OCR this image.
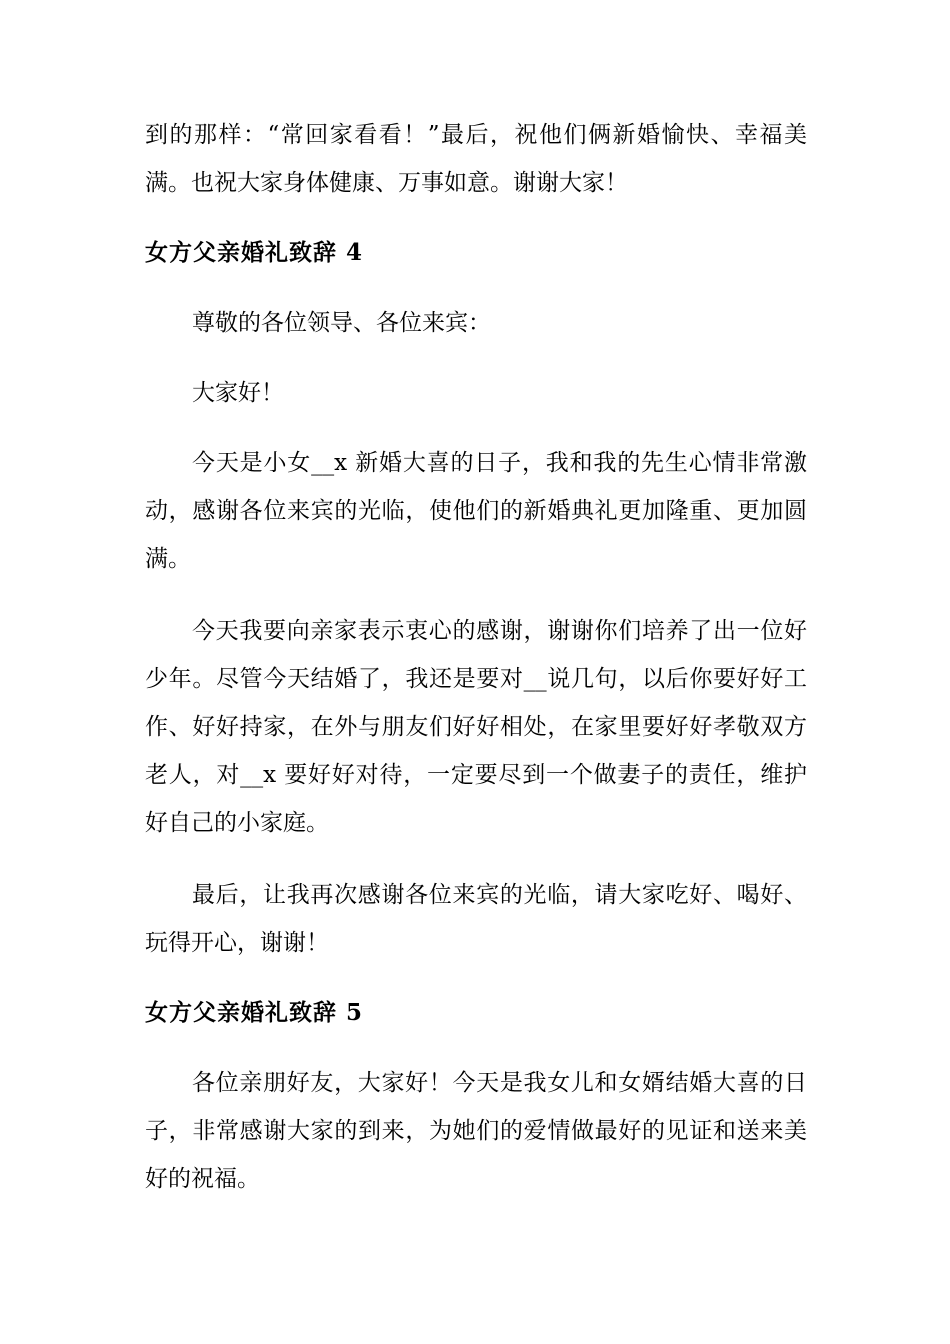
到的那样：“常回家看看！”最后，祝他们俩新婚愉快、幸福美满。也祝大家身体健康、万事如意。谢谢大家！

女方父亲婚礼致辞 4

尊敬的各位领导、各位来宾：

大家好！

今天是小女__x 新婚大喜的日子，我和我的先生心情非常激动，感谢各位来宾的光临，使他们的新婚典礼更加隆重、更加圆满。

今天我要向亲家表示衷心的感谢，谢谢你们培养了出一位好少年。尽管今天结婚了，我还是要对__说几句，以后你要好好工作、好好持家，在外与朋友们好好相处，在家里要好好孝敬双方老人，对__x 要好好对待，一定要尽到一个做妻子的责任，维护好自己的小家庭。

最后，让我再次感谢各位来宾的光临，请大家吃好、喝好、玩得开心，谢谢！

女方父亲婚礼致辞 5

各位亲朋好友，大家好！今天是我女儿和女婿结婚大喜的日子，非常感谢大家的到来，为她们的爱情做最好的见证和送来美好的祝福。
